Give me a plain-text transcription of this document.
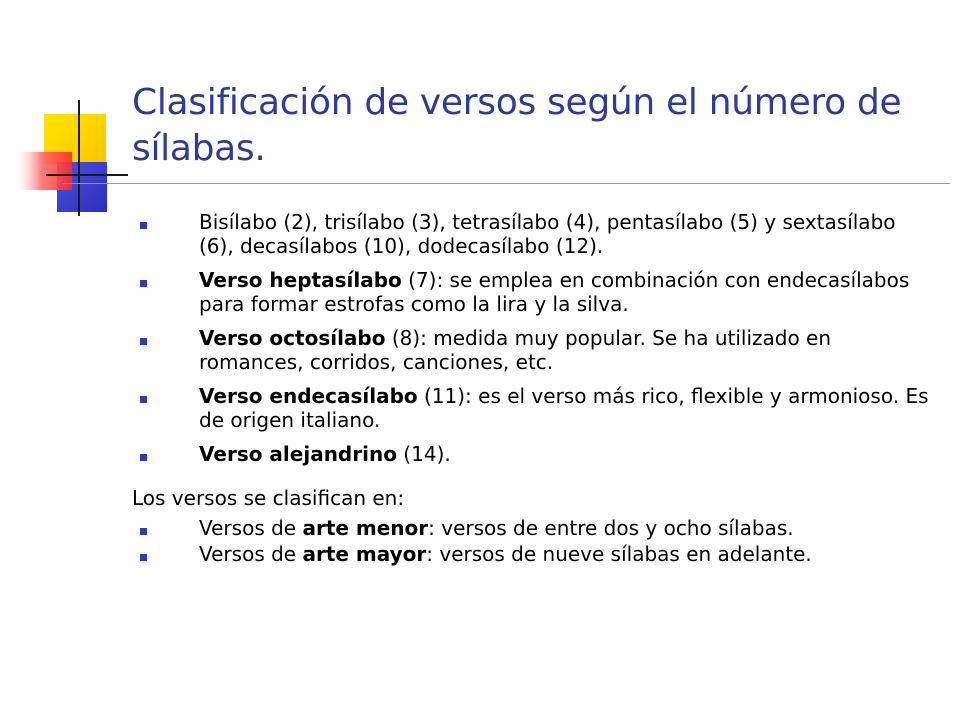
Clasificación de versos según el número de sílabas.
Bisílabo (2), trisílabo (3), tetrasílabo (4), pentasílabo (5) y sextasílabo (6), decasílabos (10), dodecasílabo (12).
Verso heptasílabo (7): se emplea en combinación con endecasílabos para formar estrofas como la lira y la silva.
Verso octosílabo (8): medida muy popular. Se ha utilizado en romances, corridos, canciones, etc.
Verso endecasílabo (11): es el verso más rico, flexible y armonioso. Es de origen italiano.
Verso alejandrino (14).
Los versos se clasifican en:
Versos de arte menor: versos de entre dos y ocho sílabas.
Versos de arte mayor: versos de nueve sílabas en adelante.
